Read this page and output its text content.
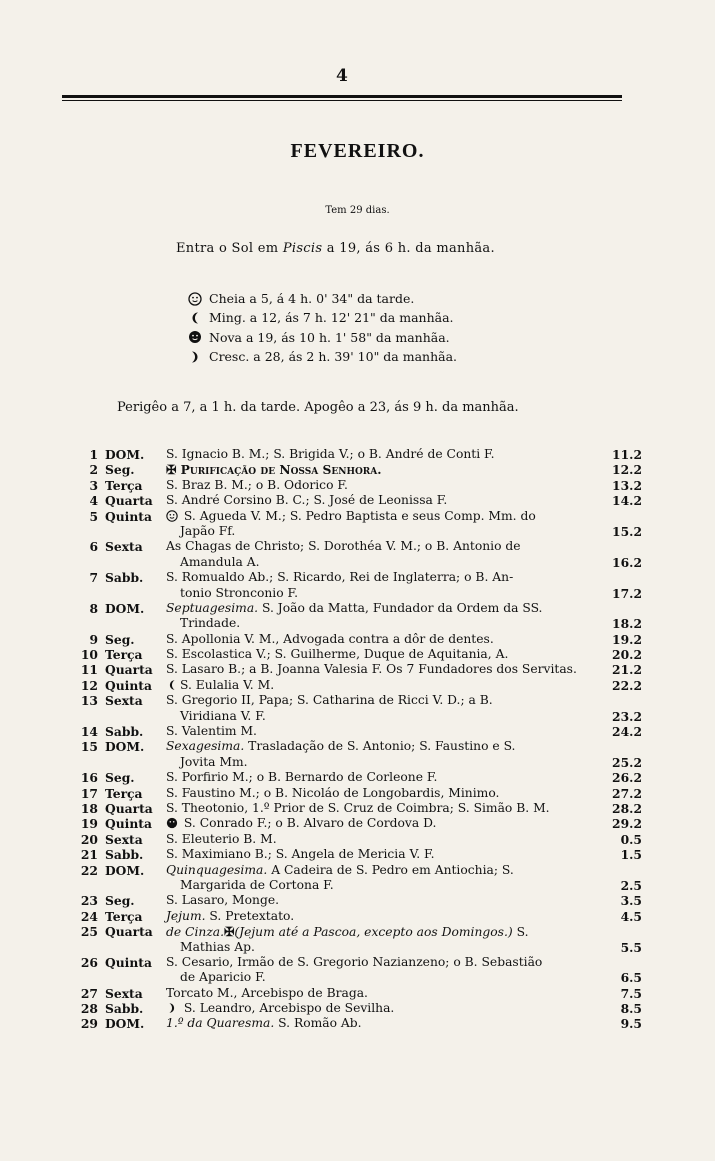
4
FEVEREIRO.
Tem 29 dias.
Entra o Sol em Piscis a 19, ás 6 h. da manhãa.
Cheia a 5, á 4 h. 0' 34" da tarde.
Ming. a 12, ás 7 h. 12' 21" da manhãa.
Nova a 19, ás 10 h. 1' 58" da manhãa.
Cresc. a 28, ás 2 h. 39' 10" da manhãa.
Perigêo a 7, a 1 h. da tarde. Apogêo a 23, ás 9 h. da manhãa.
1 DOM. S. Ignacio B. M.; S. Brigida V.; o B. André de Conti F.	11.2
2 Seg.	✠ Purificação de Nossa Senhora.	12.2
3 Terça S. Braz B. M.; o B. Odorico F.	13.2
4 Quarta S. André Corsino B. C.; S. José de Leonissa F.	14.2
5 Quinta	S. Agueda V. M.; S. Pedro Baptista e seus Comp. Mm. do
Japão Ff.	15.2
6 Sexta As Chagas de Christo; S. Dorothéa V. M.; o B. Antonio de
Amandula A.	16.2
7 Sabb. S. Romualdo Ab.; S. Ricardo, Rei de Inglaterra; o B. An-
tonio Stronconio F.	17.2
8 DOM. Septuagesima. S. João da Matta, Fundador da Ordem da SS.
Trindade.	18.2
9 Seg.	S. Apollonia V. M., Advogada contra a dôr de dentes.	19.2
10 Terça S. Escolastica V.; S. Guilherme, Duque de Aquitania, A.	20.2
11 Quarta S. Lasaro B.; a B. Joanna Valesia F. Os 7 Fundadores dos Servitas.	21.2
12 Quinta	S. Eulalia V. M.	22.2
13 Sexta S. Gregorio II, Papa; S. Catharina de Ricci V. D.; a B.
Viridiana V. F.	23.2
14 Sabb. S. Valentim M.	24.2
15 DOM. Sexagesima. Trasladação de S. Antonio; S. Faustino e S.
Jovita Mm.	25.2
16 Seg.	S. Porfirio M.; o B. Bernardo de Corleone F.	26.2
17 Terça S. Faustino M.; o B. Nicoláo de Longobardis, Minimo.	27.2
18 Quarta S. Theotonio, 1.º Prior de S. Cruz de Coimbra; S. Simão B. M.	28.2
19 Quinta	S. Conrado F.; o B. Alvaro de Cordova D.	29.2
20 Sexta S. Eleuterio B. M.	0.5
21 Sabb. S. Maximiano B.; S. Angela de Mericia V. F.	1.5
22 DOM. Quinquagesima. A Cadeira de S. Pedro em Antiochia; S.
Margarida de Cortona F.	2.5
23 Seg.	S. Lasaro, Monge.	3.5
24 Terça Jejum. S. Pretextato.	4.5
25 Quarta de Cinza.✠(Jejum até a Pascoa, excepto aos Domingos.) S.
Mathias Ap.	5.5
26 Quinta S. Cesario, Irmão de S. Gregorio Nazianzeno; o B. Sebastião
de Aparicio F.	6.5
27 Sexta Torcato M., Arcebispo de Braga.	7.5
28 Sabb.	S. Leandro, Arcebispo de Sevilha.	8.5
29 DOM. 1.º da Quaresma. S. Romão Ab.	9.5
